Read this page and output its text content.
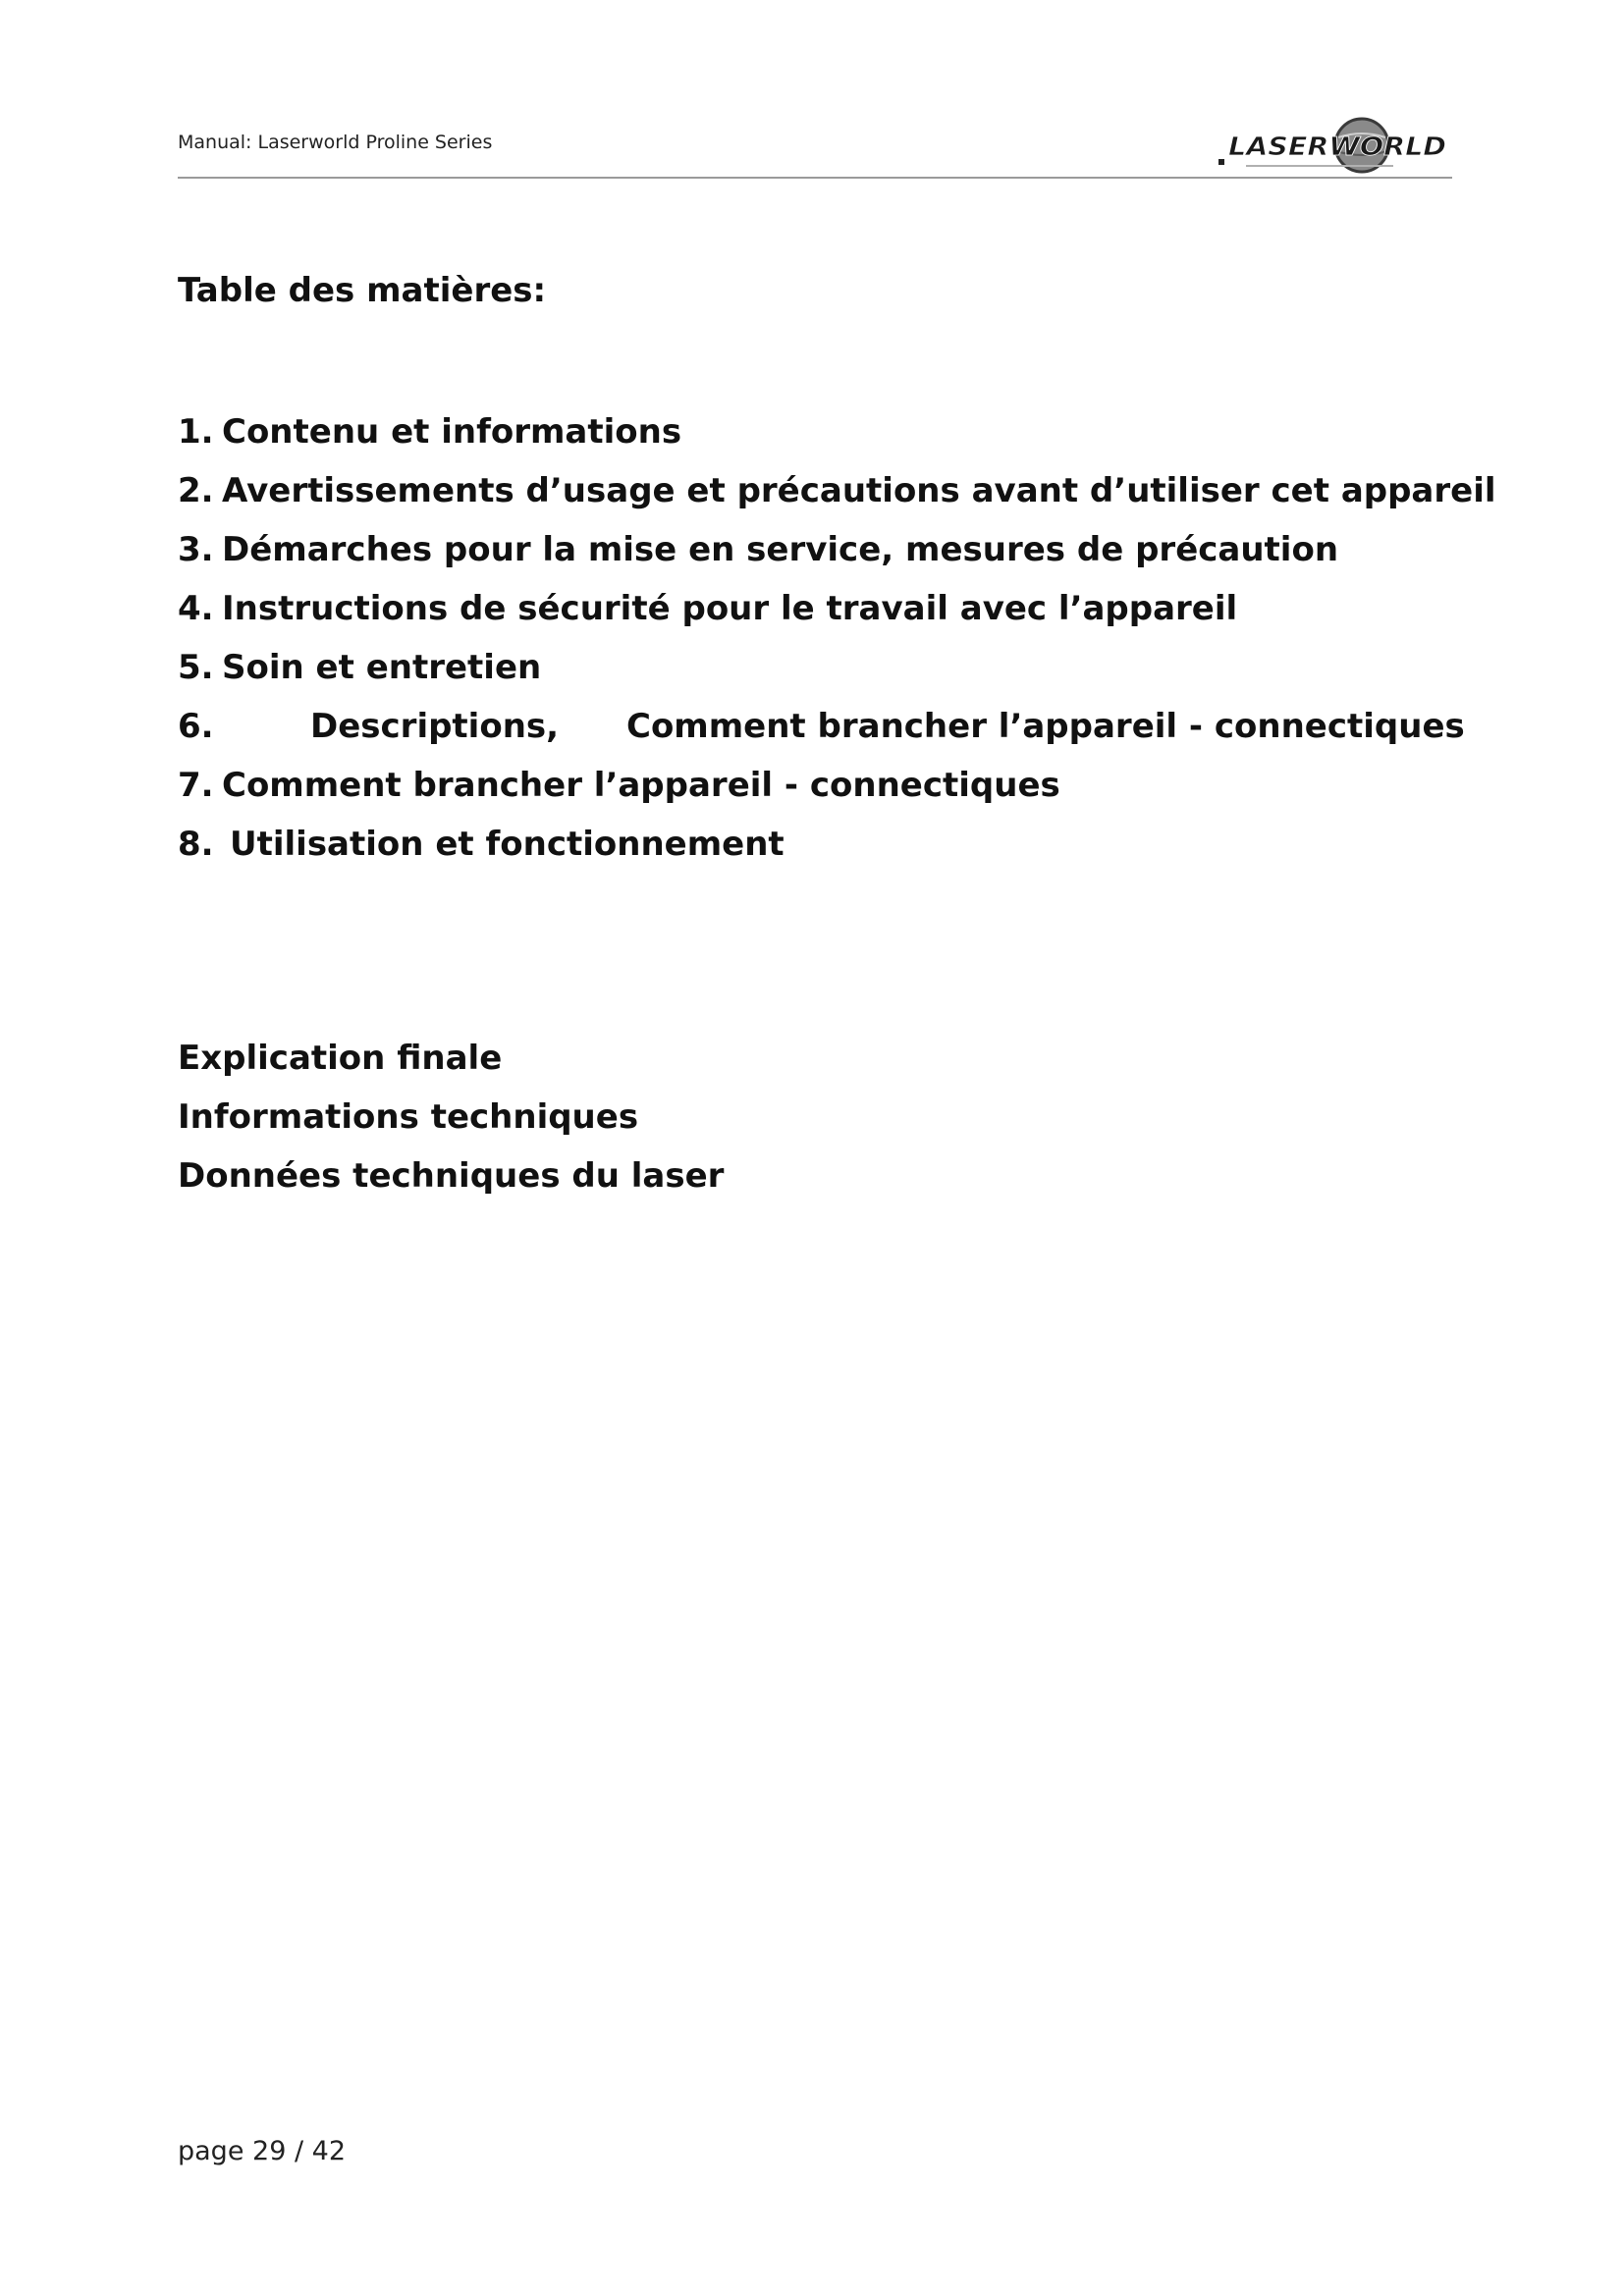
Manual: Laserworld Proline Series	LASERWORLD
Table des matières:
1. Contenu et informations
2. Avertissements d’usage et précautions avant d’utiliser cet appareil
3. Démarches pour la mise en service, mesures de précaution
4. Instructions de sécurité pour le travail avec l’appareil
5. Soin et entretien
6.	Descriptions, Comment brancher l’appareil - connectiques
7. Comment brancher l’appareil - connectiques
8. Utilisation et fonctionnement
Explication finale
Informations techniques
Données techniques du laser
page 29 / 42
